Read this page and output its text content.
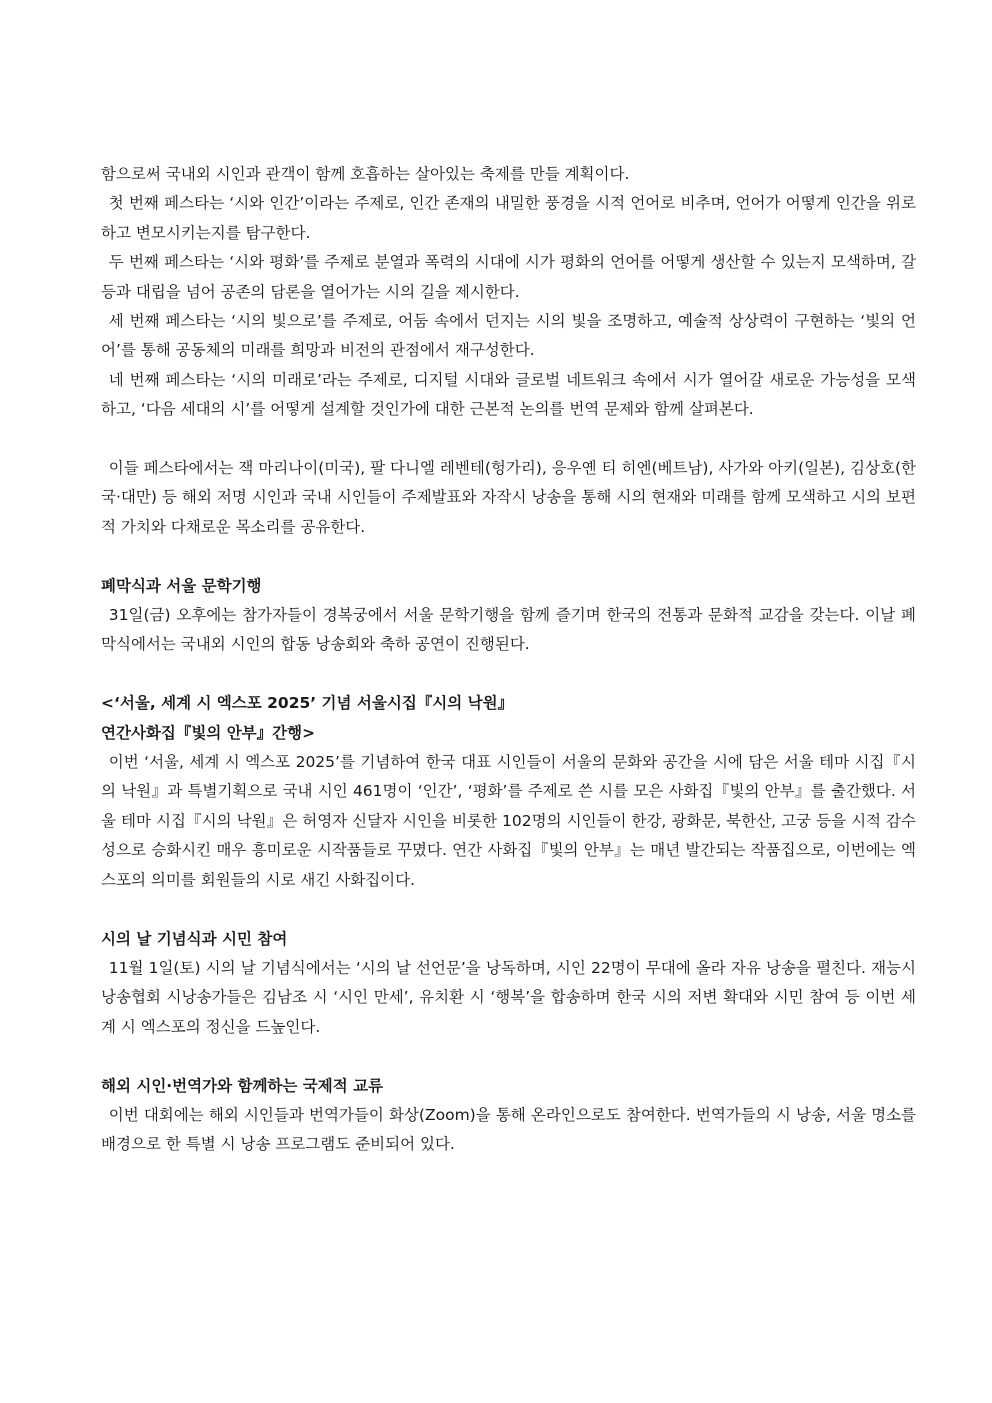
함으로써 국내외 시인과 관객이 함께 호흡하는 살아있는 축제를 만들 계획이다.

첫 번째 페스타는 ‘시와 인간’이라는 주제로, 인간 존재의 내밀한 풍경을 시적 언어로 비추며, 언어가 어떻게 인간을 위로하고 변모시키는지를 탐구한다.

두 번째 페스타는 ‘시와 평화’를 주제로 분열과 폭력의 시대에 시가 평화의 언어를 어떻게 생산할 수 있는지 모색하며, 갈등과 대립을 넘어 공존의 담론을 열어가는 시의 길을 제시한다.

세 번째 페스타는 ‘시의 빛으로’를 주제로, 어둠 속에서 던지는 시의 빛을 조명하고, 예술적 상상력이 구현하는 ‘빛의 언어’를 통해 공동체의 미래를 희망과 비전의 관점에서 재구성한다.

네 번째 페스타는 ‘시의 미래로’라는 주제로, 디지털 시대와 글로벌 네트워크 속에서 시가 열어갈 새로운 가능성을 모색하고, ‘다음 세대의 시’를 어떻게 설계할 것인가에 대한 근본적 논의를 번역 문제와 함께 살펴본다.

이들 페스타에서는 잭 마리나이(미국), 팔 다니엘 레벤테(헝가리), 응우옌 티 히엔(베트남), 사가와 아키(일본), 김상호(한국·대만) 등 해외 저명 시인과 국내 시인들이 주제발표와 자작시 낭송을 통해 시의 현재와 미래를 함께 모색하고 시의 보편적 가치와 다채로운 목소리를 공유한다.

폐막식과 서울 문학기행

31일(금) 오후에는 참가자들이 경복궁에서 서울 문학기행을 함께 즐기며 한국의 전통과 문화적 교감을 갖는다. 이날 폐막식에서는 국내외 시인의 합동 낭송회와 축하 공연이 진행된다.

<‘서울, 세계 시 엑스포 2025’ 기념 서울시집『시의 낙원』

연간사화집『빛의 안부』간행>

이번 ‘서울, 세계 시 엑스포 2025’를 기념하여 한국 대표 시인들이 서울의 문화와 공간을 시에 담은 서울 테마 시집『시의 낙원』과 특별기획으로 국내 시인 461명이 ‘인간’, ‘평화’를 주제로 쓴 시를 모은 사화집『빛의 안부』를 출간했다. 서울 테마 시집『시의 낙원』은 허영자 신달자 시인을 비롯한 102명의 시인들이 한강, 광화문, 북한산, 고궁 등을 시적 감수성으로 승화시킨 매우 흥미로운 시작품들로 꾸몄다. 연간 사화집『빛의 안부』는 매년 발간되는 작품집으로, 이번에는 엑스포의 의미를 회원들의 시로 새긴 사화집이다.

시의 날 기념식과 시민 참여

11월 1일(토) 시의 날 기념식에서는 ‘시의 날 선언문’을 낭독하며, 시인 22명이 무대에 올라 자유 낭송을 펼친다. 재능시낭송협회 시낭송가들은 김남조 시 ‘시인 만세’, 유치환 시 ‘행복’을 합송하며 한국 시의 저변 확대와 시민 참여 등 이번 세계 시 엑스포의 정신을 드높인다.

해외 시인·번역가와 함께하는 국제적 교류

이번 대회에는 해외 시인들과 번역가들이 화상(Zoom)을 통해 온라인으로도 참여한다. 번역가들의 시 낭송, 서울 명소를 배경으로 한 특별 시 낭송 프로그램도 준비되어 있다.
